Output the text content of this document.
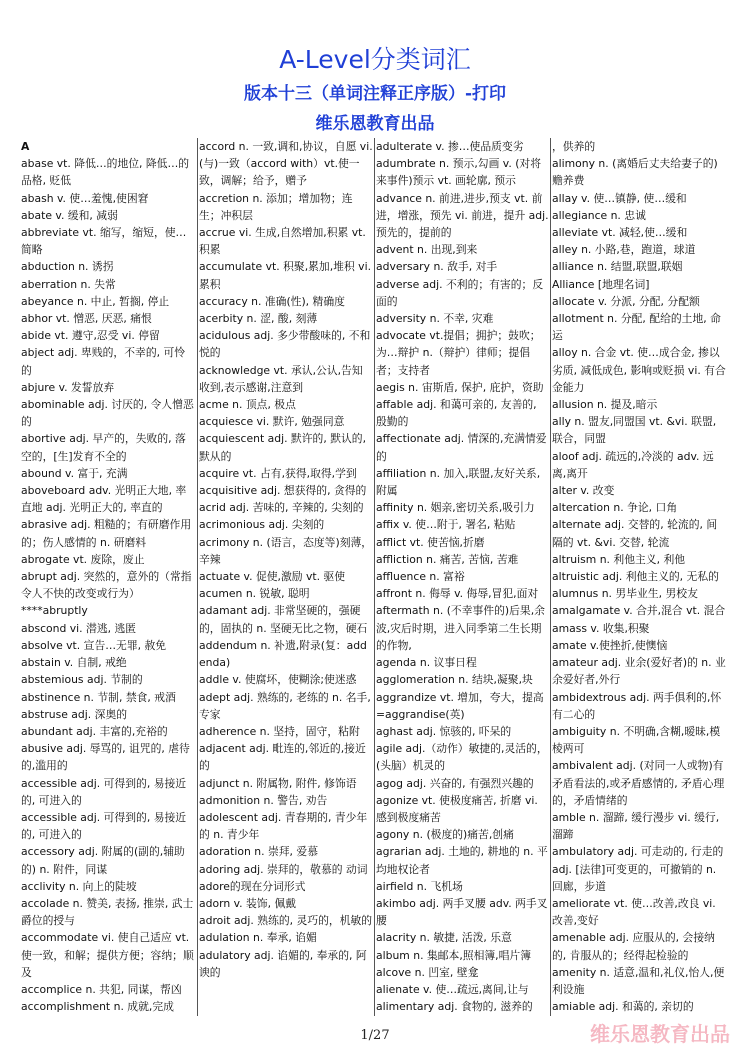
A-Level分类词汇
版本十三（单词注释正序版）-打印
维乐恩教育出品

A

abase vt. 降低…的地位, 降低…的品格, 贬低

abash v. 使…羞愧,使困窘

abate v. 缓和, 减弱

abbreviate vt. 缩写，缩短，使…简略

abduction n. 诱拐

aberration n. 失常

abeyance n. 中止, 暂搁, 停止

abhor vt. 憎恶, 厌恶, 痛恨

abide vt. 遵守,忍受 vi. 停留

abject adj. 卑贱的，不幸的, 可怜的

abjure v. 发誓放弃

abominable adj. 讨厌的, 令人憎恶的

abortive adj. 早产的，失败的, 落空的，[生]发育不全的

abound v. 富于, 充满

aboveboard adv. 光明正大地, 率直地 adj. 光明正大的, 率直的

abrasive adj. 粗糙的；有研磨作用的；伤人感情的 n. 研磨料

abrogate vt. 废除，废止

abrupt adj. 突然的，意外的（常指令人不快的改变或行为）

****abruptly

abscond vi. 潜逃, 逃匿

absolve vt. 宣告…无罪, 赦免

abstain v. 自制, 戒绝

abstemious adj. 节制的

abstinence n. 节制, 禁食, 戒酒

abstruse adj. 深奥的

abundant adj. 丰富的,充裕的

abusive adj. 辱骂的, 诅咒的, 虐待的,滥用的

accessible adj. 可得到的, 易接近的, 可进入的

accessible adj. 可得到的, 易接近的, 可进入的

accessory adj. 附属的(副的,辅助的) n. 附件，同谋

acclivity n. 向上的陡坡

accolade n. 赞美, 表扬, 推崇, 武士爵位的授与

accommodate vi. 使自己适应 vt. 使一致，和解；提供方便；容纳；顺及

accomplice n. 共犯, 同谋，帮凶

accomplishment n. 成就,完成

accord n. 一致,调和,协议，自愿 vi. (与)一致（accord with）vt.使一致，调解；给予，赠予

accretion n. 添加；增加物；连生；冲积层

accrue vi. 生成,自然增加,积累 vt. 积累

accumulate vt. 积聚,累加,堆积 vi. 累积

accuracy n. 准确(性), 精确度

acerbity n. 涩, 酸, 刻薄

acidulous adj. 多少带酸味的, 不和悦的

acknowledge vt. 承认,公认,告知收到,表示感谢,注意到

acme n. 顶点, 极点

acquiesce vi. 默许, 勉强同意

acquiescent adj. 默许的, 默认的, 默从的

acquire vt. 占有,获得,取得,学到

acquisitive adj. 想获得的, 贪得的

acrid adj. 苦味的, 辛辣的, 尖刻的

acrimonious adj. 尖刻的

acrimony n. (语言，态度等)刻薄，辛辣

actuate v. 促使,激励 vt. 驱使

acumen n. 锐敏, 聪明

adamant adj. 非常坚硬的，强硬的，固执的 n. 坚硬无比之物，硬石

addendum n. 补遗,附录(复：addenda)

addle v. 使腐坏，使糊涂;使迷惑

adept adj. 熟练的, 老练的 n. 名手, 专家

adherence n. 坚持，固守，粘附

adjacent adj. 毗连的,邻近的,接近的

adjunct n. 附属物, 附件, 修饰语

admonition n. 警告, 劝告

adolescent adj. 青春期的, 青少年的 n. 青少年

adoration n. 崇拜, 爱慕

adoring adj. 崇拜的，敬慕的 动词adore的现在分词形式

adorn v. 装饰, 佩戴

adroit adj. 熟练的, 灵巧的，机敏的

adulation n. 奉承, 谄媚

adulatory adj. 谄媚的, 奉承的, 阿谀的

adulterate v. 掺…使品质变劣

adumbrate n. 预示,勾画 v. (对将来事件)预示 vt. 画轮廓, 预示

advance n. 前进,进步,预支 vt. 前进，增涨，预先 vi. 前进，提升 adj. 预先的，提前的

advent n. 出现,到来

adversary n. 敌手, 对手

adverse adj. 不利的；有害的；反面的

adversity n. 不幸, 灾难

advocate vt.提倡；拥护；鼓吹；为…辩护 n.（辩护）律师；提倡者；支持者

aegis n. 宙斯盾, 保护, 庇护，资助

affable adj. 和蔼可亲的, 友善的, 殷勤的

affectionate adj. 情深的,充满情爱的

affiliation n. 加入,联盟,友好关系,附属

affinity n. 姻亲,密切关系,吸引力

affix v. 使…附于, 署名, 粘贴

afflict vt. 使苦恼,折磨

affliction n. 痛苦, 苦恼, 苦难

affluence n. 富裕

affront n. 侮辱 v. 侮辱,冒犯,面对

aftermath n. (不幸事件的)后果,余波,灾后时期，进入同季第二生长期的作物,

agenda n. 议事日程

agglomeration n. 结块,凝聚,块

aggrandize vt. 增加，夸大，提高=aggrandise(英)

aghast adj. 惊骇的, 吓呆的

agile adj.（动作）敏捷的,灵活的，(头脑）机灵的

agog adj. 兴奋的, 有强烈兴趣的

agonize vt. 使极度痛苦, 折磨 vi. 感到极度痛苦

agony n. (极度的)痛苦,创痛

agrarian adj. 土地的, 耕地的 n. 平均地权论者

airfield n. 飞机场

akimbo adj. 两手叉腰 adv. 两手叉腰

alacrity n. 敏捷, 活泼, 乐意

album n. 集邮本,照相簿,唱片簿

alcove n. 凹室, 壁龛

alienate v. 使…疏远,离间,让与

alimentary adj. 食物的, 滋养的

，供养的

alimony n. (离婚后丈夫给妻子的)赡养费

allay v. 使…镇静, 使…缓和

allegiance n. 忠诚

alleviate vt. 减轻,使…缓和

alley n. 小路,巷，跑道，球道

alliance n. 结盟,联盟,联姻

Alliance [地理名词]

allocate v. 分派, 分配, 分配额

allotment n. 分配, 配给的土地, 命运

alloy n. 合金 vt. 使…成合金, 掺以劣质, 减低成色, 影响或贬损 vi. 有合金能力

allusion n. 提及,暗示

ally n. 盟友,同盟国 vt. &vi. 联盟,联合，同盟

aloof adj. 疏远的,冷淡的 adv. 远离,离开

alter v. 改变

altercation n. 争论, 口角

alternate adj. 交替的, 轮流的, 间隔的 vt. &vi. 交替, 轮流

altruism n. 利他主义, 利他

altruistic adj. 利他主义的, 无私的

alumnus n. 男毕业生, 男校友

amalgamate v. 合并,混合 vt. 混合

amass v. 收集,积聚

amate v.使挫折,使懊恼

amateur adj. 业余(爱好者)的 n. 业余爱好者,外行

ambidextrous adj. 两手俱利的,怀有二心的

ambiguity n. 不明确,含糊,暧昧,模棱两可

ambivalent adj. (对同一人或物)有矛盾看法的,或矛盾感情的, 矛盾心理的，矛盾情绪的

amble n. 溜蹄, 缓行漫步 vi. 缓行,溜蹄

ambulatory adj. 可走动的, 行走的 adj. [法律]可变更的，可撤销的 n. 回廊，步道

ameliorate vt. 使…改善,改良 vi. 改善,变好

amenable adj. 应服从的, 会接纳的, 肯服从的；经得起检验的

amenity n. 适意,温和,礼仪,怡人,便利设施

amiable adj. 和蔼的, 亲切的

1/27	维乐恩教育出品
